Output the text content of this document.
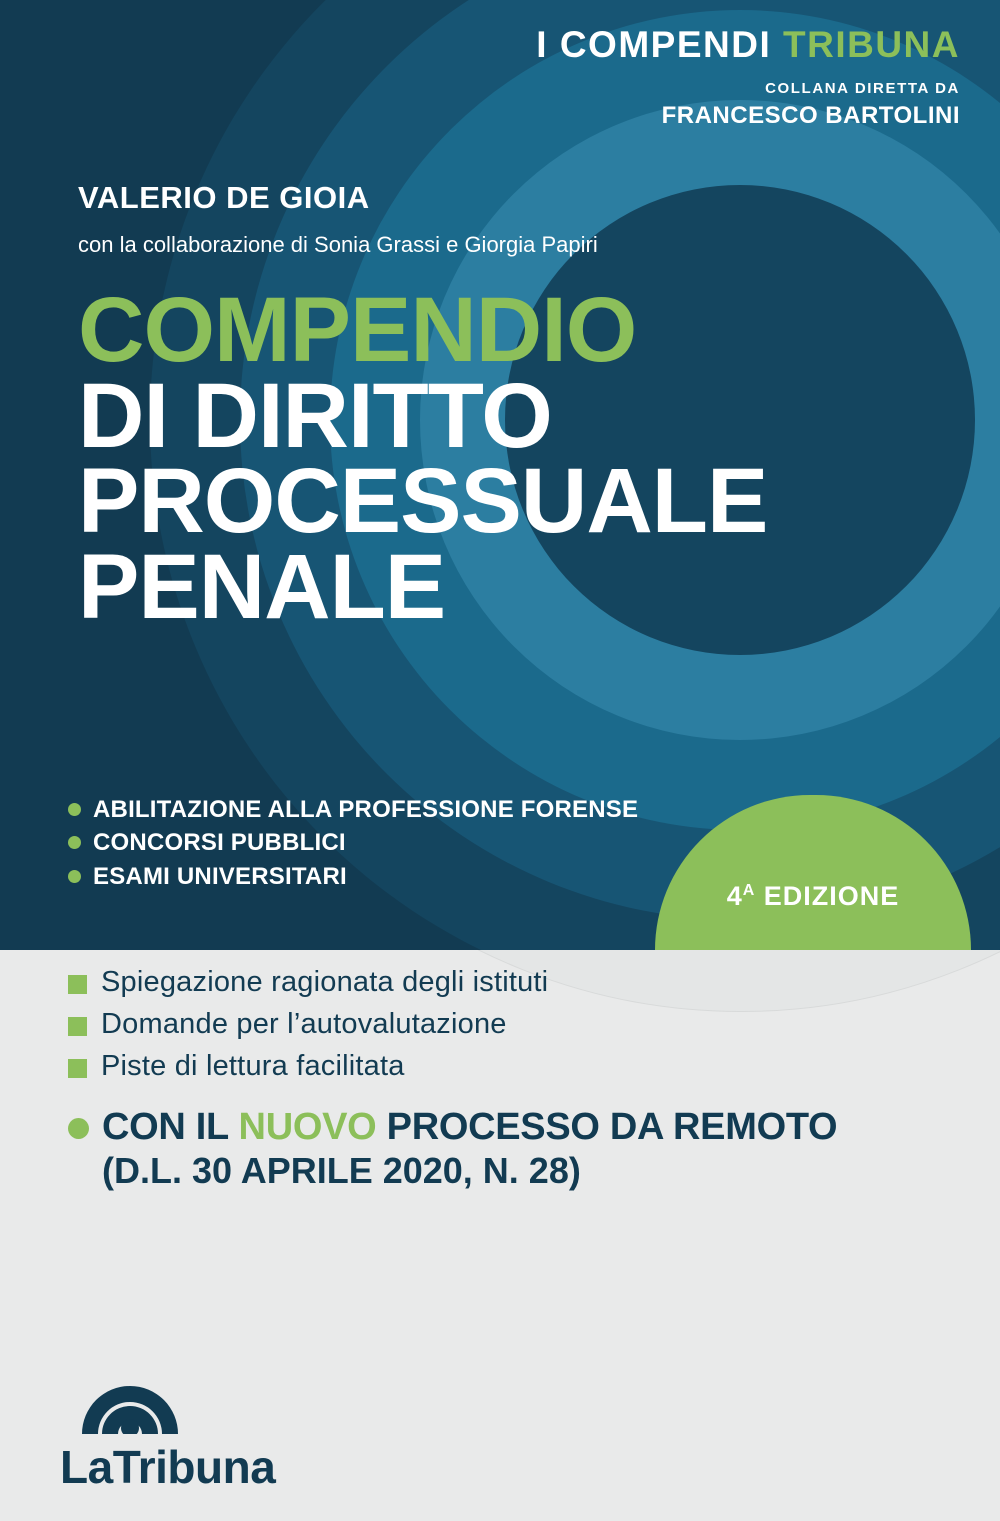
I COMPENDI TRIBUNA
COLLANA DIRETTA DA
FRANCESCO BARTOLINI
VALERIO DE GIOIA
con la collaborazione di Sonia Grassi e Giorgia Papiri
COMPENDIO
DI DIRITTO
PROCESSUALE
PENALE
ABILITAZIONE ALLA PROFESSIONE FORENSE
CONCORSI PUBBLICI
ESAMI UNIVERSITARI
$4^A$ EDIZIONE
Spiegazione ragionata degli istituti
Domande per l’autovalutazione
Piste di lettura facilitata
CON IL NUOVO PROCESSO DA REMOTO
(D.L. 30 APRILE 2020, N. 28)
LaTribuna
